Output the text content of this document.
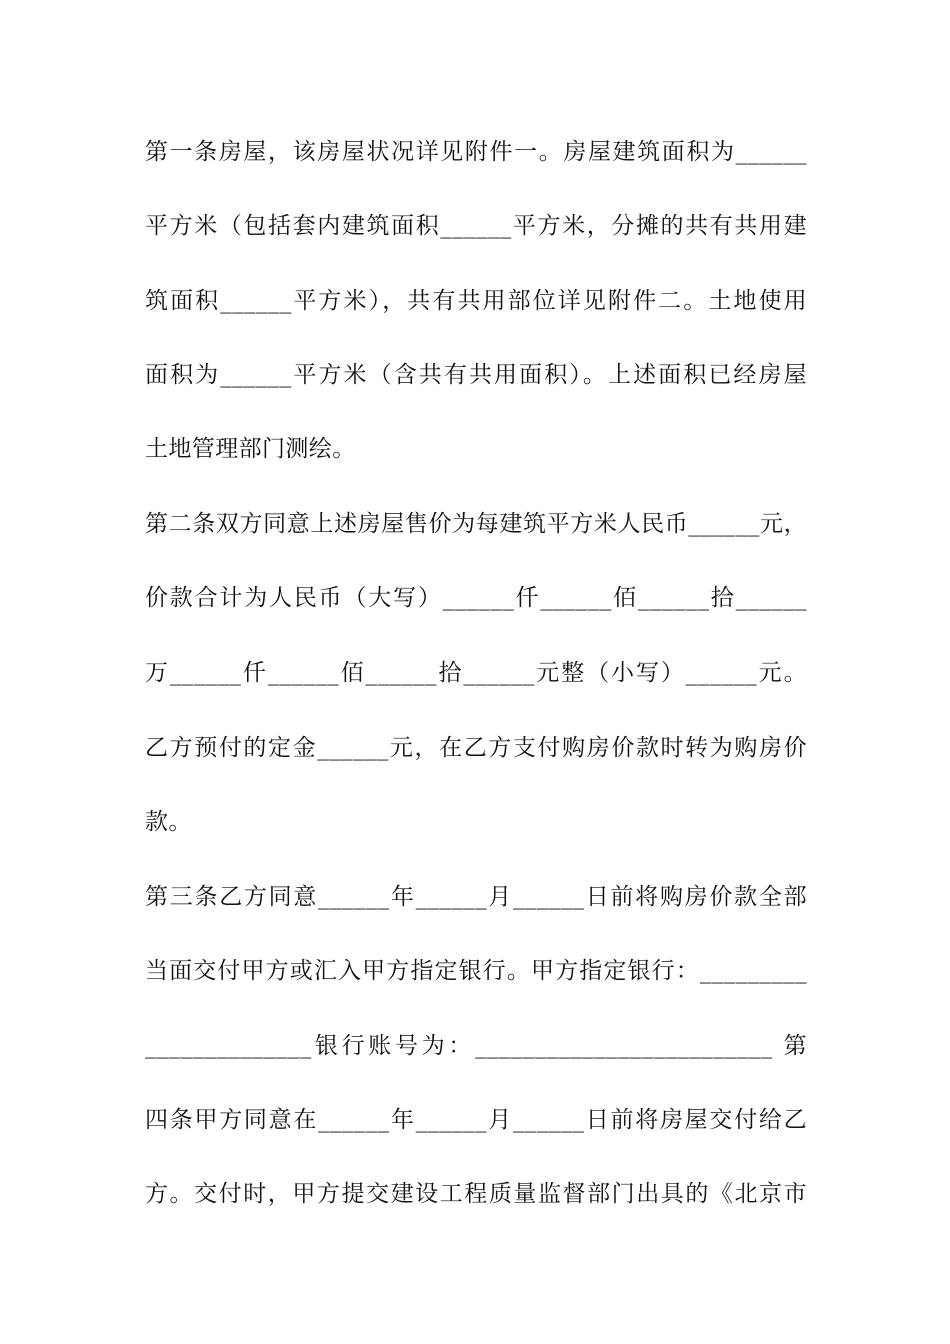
第一条房屋，该房屋状况详见附件一。房屋建筑面积为______
平方米（包括套内建筑面积______平方米，分摊的共有共用建
筑面积______平方米），共有共用部位详见附件二。土地使用
面积为______平方米（含共有共用面积）。上述面积已经房屋
土地管理部门测绘。
第二条双方同意上述房屋售价为每建筑平方米人民币______元，
价款合计为人民币（大写）______仟______佰______拾______
万______仟______佰______拾______元整（小写）______元。
乙方预付的定金______元，在乙方支付购房价款时转为购房价
款。
第三条乙方同意______年______月______日前将购房价款全部
当面交付甲方或汇入甲方指定银行。甲方指定银行：_________
______________银行账号为：_________________________ 第
四条甲方同意在______年______月______日前将房屋交付给乙
方。交付时，甲方提交建设工程质量监督部门出具的《北京市
